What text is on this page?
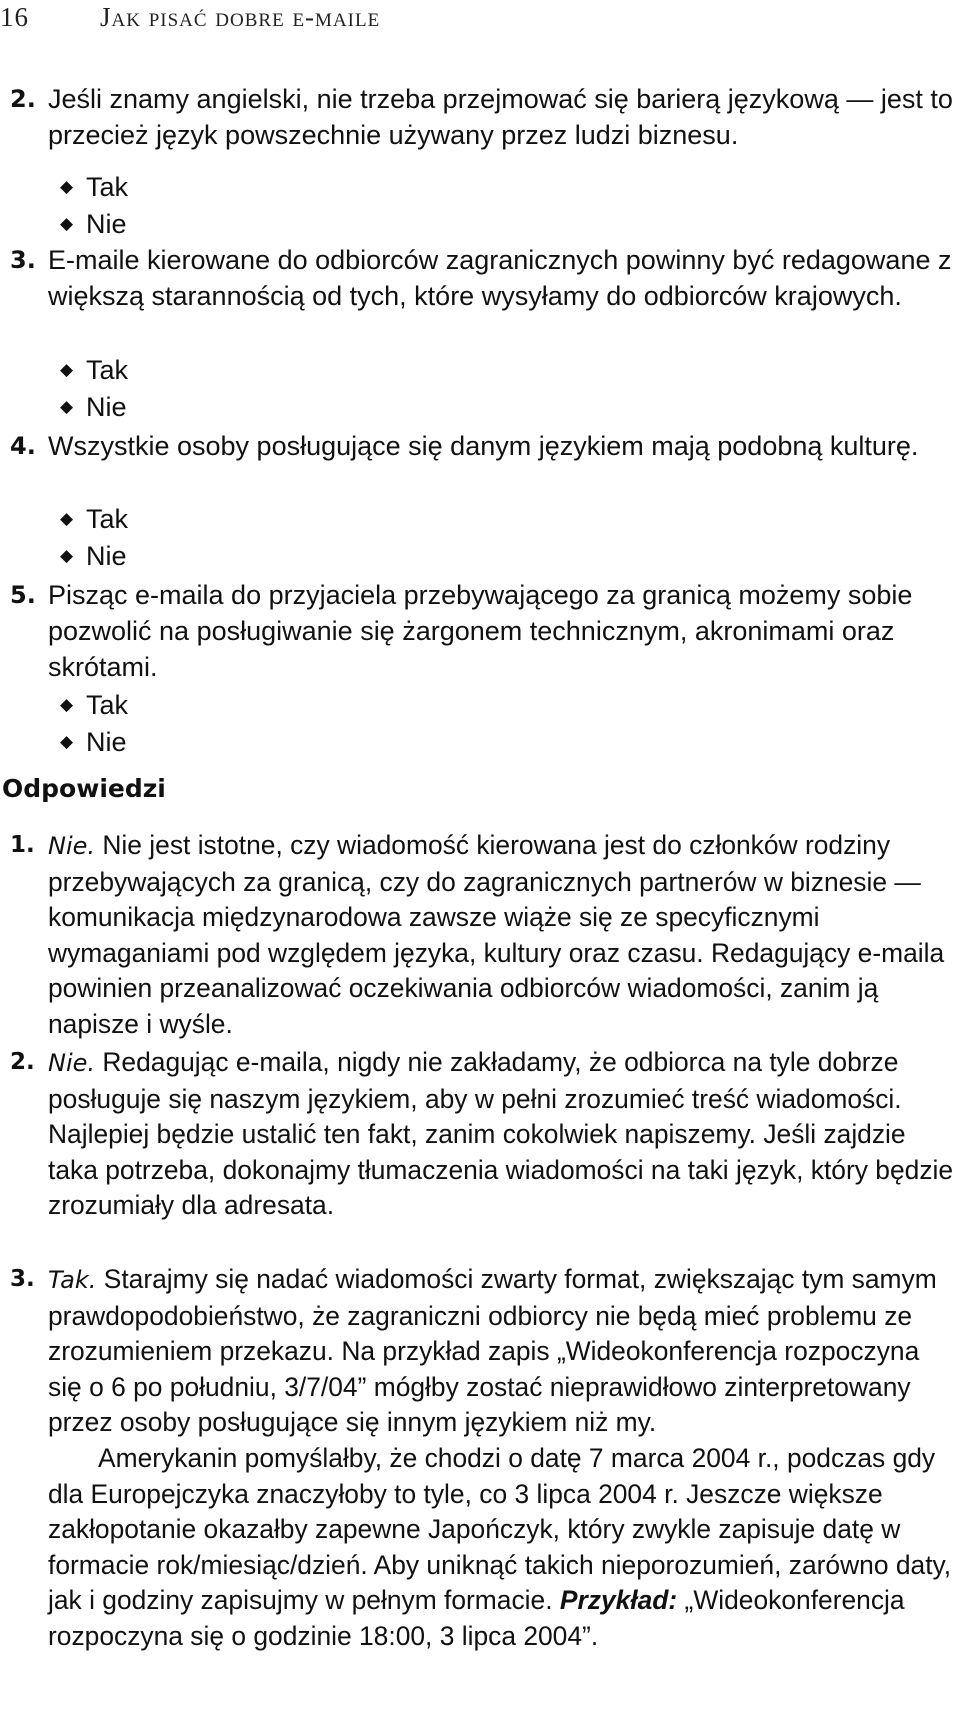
16	Jak pisać dobre e-maile
2. Jeśli znamy angielski, nie trzeba przejmować się barierą językową — jest to przecież język powszechnie używany przez ludzi biznesu.
◆ Tak
◆ Nie
3. E-maile kierowane do odbiorców zagranicznych powinny być redagowane z większą starannością od tych, które wysyłamy do odbiorców krajowych.
◆ Tak
◆ Nie
4. Wszystkie osoby posługujące się danym językiem mają podobną kulturę.
◆ Tak
◆ Nie
5. Pisząc e-maila do przyjaciela przebywającego za granicą możemy sobie pozwolić na posługiwanie się żargonem technicznym, akronimami oraz skrótami.
◆ Tak
◆ Nie
Odpowiedzi
1. Nie. Nie jest istotne, czy wiadomość kierowana jest do członków rodziny przebywających za granicą, czy do zagranicznych partnerów w biznesie — komunikacja międzynarodowa zawsze wiąże się ze specyficznymi wymaganiami pod względem języka, kultury oraz czasu. Redagujący e-maila powinien przeanalizować oczekiwania odbiorców wiadomości, zanim ją napisze i wyśle.
2. Nie. Redagując e-maila, nigdy nie zakładamy, że odbiorca na tyle dobrze posługuje się naszym językiem, aby w pełni zrozumieć treść wiadomości. Najlepiej będzie ustalić ten fakt, zanim cokolwiek napiszemy. Jeśli zajdzie taka potrzeba, dokonajmy tłumaczenia wiadomości na taki język, który będzie zrozumiały dla adresata.
3. Tak. Starajmy się nadać wiadomości zwarty format, zwiększając tym samym prawdopodobieństwo, że zagraniczni odbiorcy nie będą mieć problemu ze zrozumieniem przekazu. Na przykład zapis „Wideokonferencja rozpoczyna się o 6 po południu, 3/7/04” mógłby zostać nieprawidłowo zinterpretowany przez osoby posługujące się innym językiem niż my.
Amerykanin pomyślałby, że chodzi o datę 7 marca 2004 r., podczas gdy dla Europejczyka znaczyłoby to tyle, co 3 lipca 2004 r. Jeszcze większe zakłopotanie okazałby zapewne Japończyk, który zwykle zapisuje datę w formacie rok/miesiąc/dzień. Aby uniknąć takich nieporozumień, zarówno daty, jak i godziny zapisujmy w pełnym formacie. Przykład: „Wideokonferencja rozpoczyna się o godzinie 18:00, 3 lipca 2004”.
